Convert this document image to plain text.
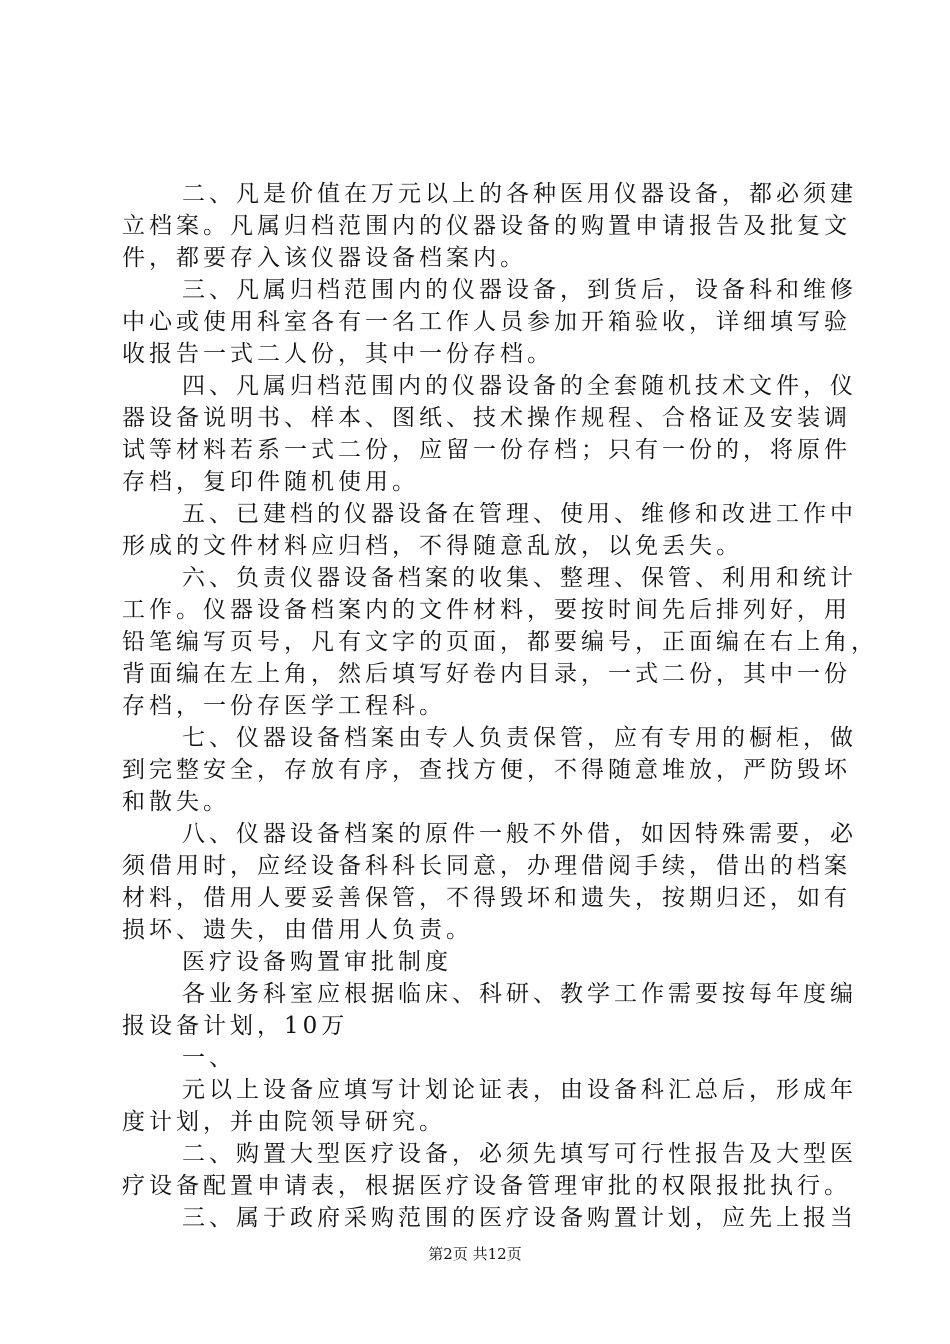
二、凡是价值在万元以上的各种医用仪器设备，都必须建
立档案。凡属归档范围内的仪器设备的购置申请报告及批复文
件，都要存入该仪器设备档案内。
三、凡属归档范围内的仪器设备，到货后，设备科和维修
中心或使用科室各有一名工作人员参加开箱验收，详细填写验
收报告一式二人份，其中一份存档。
四、凡属归档范围内的仪器设备的全套随机技术文件，仪
器设备说明书、样本、图纸、技术操作规程、合格证及安装调
试等材料若系一式二份，应留一份存档；只有一份的，将原件
存档，复印件随机使用。
五、已建档的仪器设备在管理、使用、维修和改进工作中
形成的文件材料应归档，不得随意乱放，以免丢失。
六、负责仪器设备档案的收集、整理、保管、利用和统计
工作。仪器设备档案内的文件材料，要按时间先后排列好，用
铅笔编写页号，凡有文字的页面，都要编号，正面编在右上角，
背面编在左上角，然后填写好卷内目录，一式二份，其中一份
存档，一份存医学工程科。
七、仪器设备档案由专人负责保管，应有专用的橱柜，做
到完整安全，存放有序，查找方便，不得随意堆放，严防毁坏
和散失。
八、仪器设备档案的原件一般不外借，如因特殊需要，必
须借用时，应经设备科科长同意，办理借阅手续，借出的档案
材料，借用人要妥善保管，不得毁坏和遗失，按期归还，如有
损坏、遗失，由借用人负责。
医疗设备购置审批制度
各业务科室应根据临床、科研、教学工作需要按每年度编
报设备计划，10万
一、
元以上设备应填写计划论证表，由设备科汇总后，形成年
度计划，并由院领导研究。
二、购置大型医疗设备，必须先填写可行性报告及大型医
疗设备配置申请表，根据医疗设备管理审批的权限报批执行。
三、属于政府采购范围的医疗设备购置计划，应先上报当
第2页 共12页
